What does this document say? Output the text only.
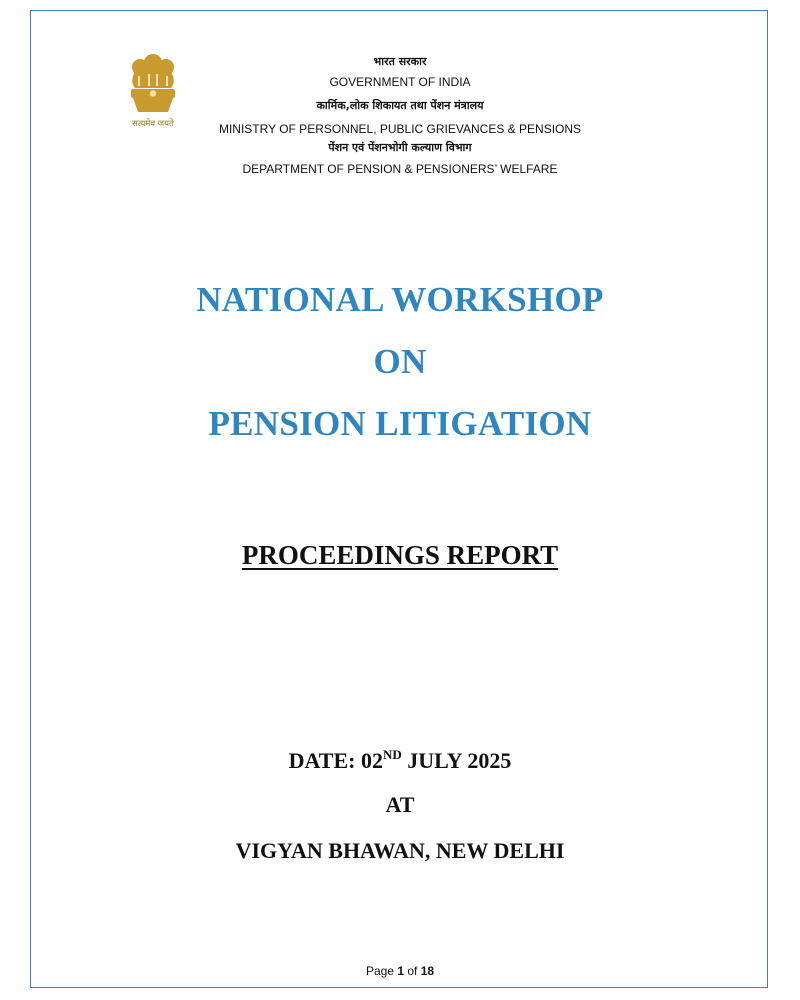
सत्यमेव जयते
भारत सरकार
GOVERNMENT OF INDIA
कार्मिक,लोक शिकायत तथा पेंशन मंत्रालय
MINISTRY OF PERSONNEL, PUBLIC GRIEVANCES & PENSIONS
पेंशन एवं पेंशनभोगी कल्याण विभाग
DEPARTMENT OF PENSION & PENSIONERS’ WELFARE
NATIONAL WORKSHOP
ON
PENSION LITIGATION
PROCEEDINGS REPORT
DATE: 02ND JULY 2025
AT
VIGYAN BHAWAN, NEW DELHI
Page 1 of 18
